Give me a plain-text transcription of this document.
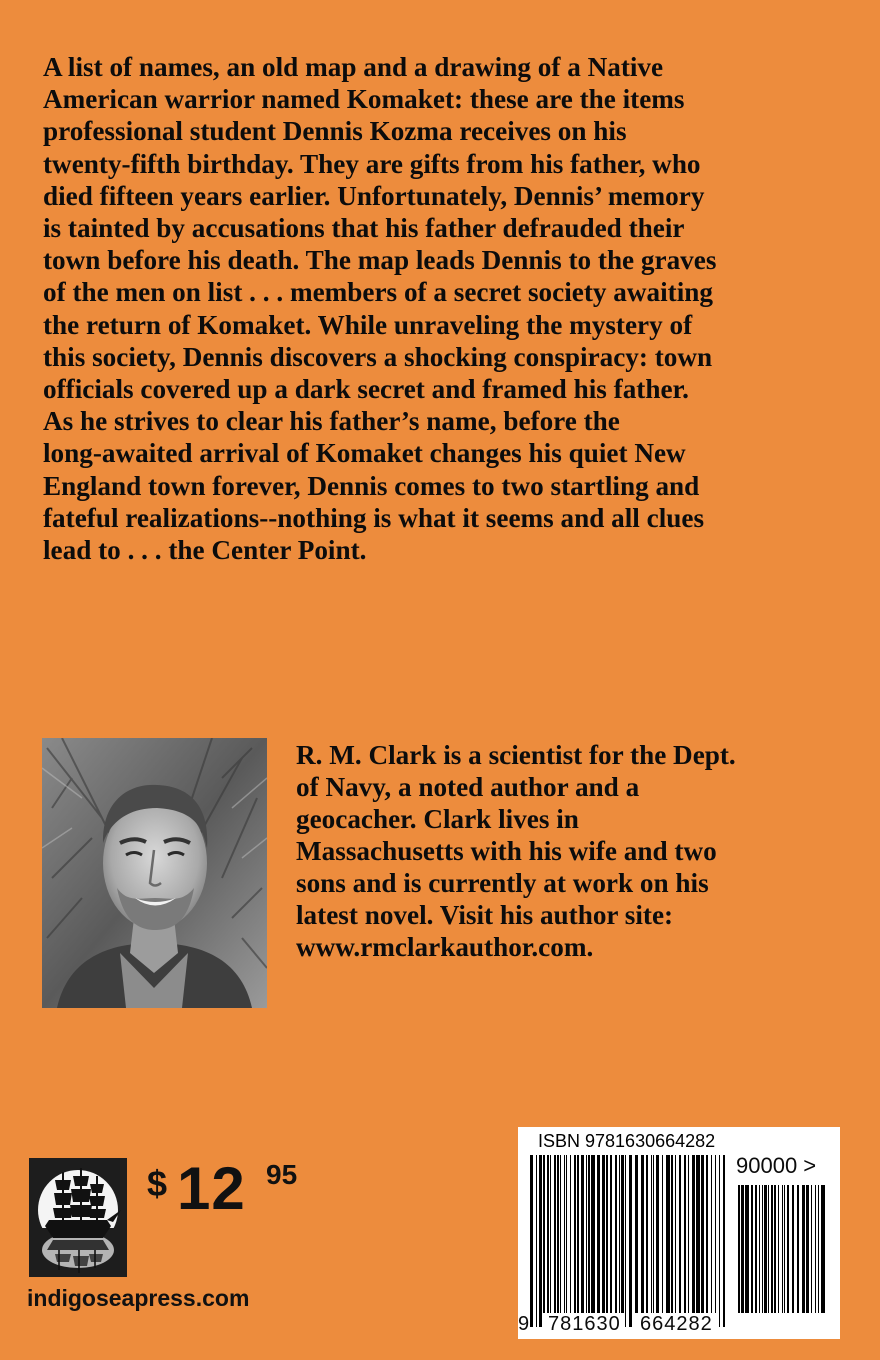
A list of names, an old map and a drawing of a Native

American warrior named Komaket: these are the items

professional student Dennis Kozma receives on his

twenty-fifth birthday. They are gifts from his father, who

died fifteen years earlier. Unfortunately, Dennis’ memory

is tainted by accusations that his father defrauded their

town before his death. The map leads Dennis to the graves

of the men on list . . . members of a secret society awaiting

the return of Komaket. While unraveling the mystery of

this society, Dennis discovers a shocking conspiracy: town

officials covered up a dark secret and framed his father.

As he strives to clear his father’s name, before the

long-awaited arrival of Komaket changes his quiet New

England town forever, Dennis comes to two startling and

fateful realizations--nothing is what it seems and all clues

lead to . . . the Center Point.

R. M. Clark is a scientist for the Dept.

of Navy, a noted author and a

geocacher. Clark lives in

Massachusetts with his wife and two

sons and is currently at work on his

latest novel. Visit his author site:

www.rmclarkauthor.com.

$ 12 95
indigoseapress.com
ISBN 9781630664282
90000 >
9 781630 664282
